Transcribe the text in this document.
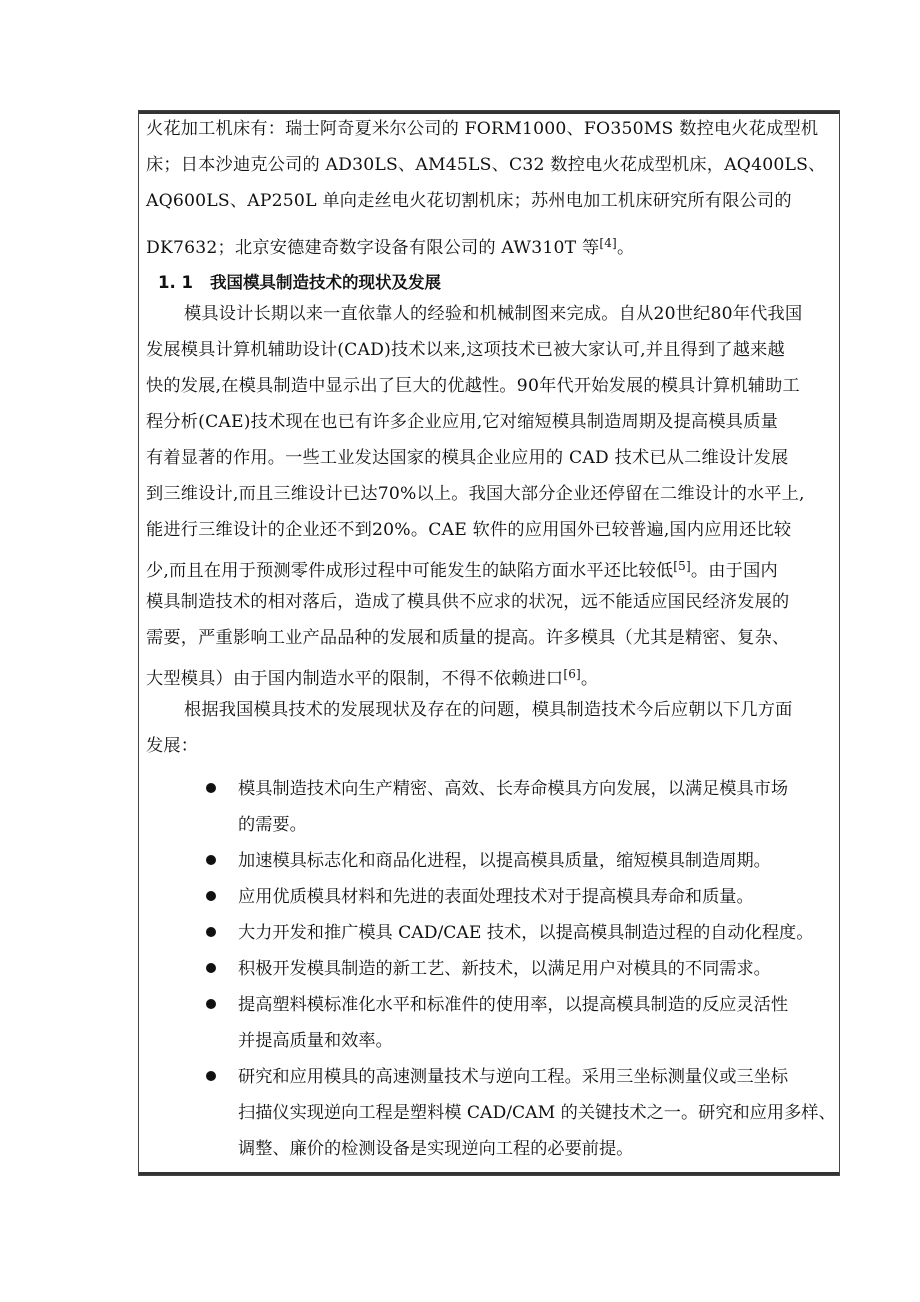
火花加工机床有：瑞士阿奇夏米尔公司的 FORM1000、FO350MS 数控电火花成型机
床；日本沙迪克公司的 AD30LS、AM45LS、C32 数控电火花成型机床，AQ400LS、
AQ600LS、AP250L 单向走丝电火花切割机床；苏州电加工机床研究所有限公司的
DK7632；北京安德建奇数字设备有限公司的 AW310T 等[4]。
1. 1 我国模具制造技术的现状及发展
模具设计长期以来一直依靠人的经验和机械制图来完成。自从20世纪80年代我国
发展模具计算机辅助设计(CAD)技术以来,这项技术已被大家认可,并且得到了越来越
快的发展,在模具制造中显示出了巨大的优越性。90年代开始发展的模具计算机辅助工
程分析(CAE)技术现在也已有许多企业应用,它对缩短模具制造周期及提高模具质量
有着显著的作用。一些工业发达国家的模具企业应用的 CAD 技术已从二维设计发展
到三维设计,而且三维设计已达70%以上。我国大部分企业还停留在二维设计的水平上,
能进行三维设计的企业还不到20%。CAE 软件的应用国外已较普遍,国内应用还比较
少,而且在用于预测零件成形过程中可能发生的缺陷方面水平还比较低[5]。由于国内
模具制造技术的相对落后，造成了模具供不应求的状况，远不能适应国民经济发展的
需要，严重影响工业产品品种的发展和质量的提高。许多模具（尤其是精密、复杂、
大型模具）由于国内制造水平的限制，不得不依赖进口[6]。
根据我国模具技术的发展现状及存在的问题，模具制造技术今后应朝以下几方面
发展：
模具制造技术向生产精密、高效、长寿命模具方向发展，以满足模具市场
的需要。
加速模具标志化和商品化进程，以提高模具质量，缩短模具制造周期。
应用优质模具材料和先进的表面处理技术对于提高模具寿命和质量。
大力开发和推广模具 CAD/CAE 技术，以提高模具制造过程的自动化程度。
积极开发模具制造的新工艺、新技术，以满足用户对模具的不同需求。
提高塑料模标准化水平和标准件的使用率，以提高模具制造的反应灵活性
并提高质量和效率。
研究和应用模具的高速测量技术与逆向工程。采用三坐标测量仪或三坐标
扫描仪实现逆向工程是塑料模 CAD/CAM 的关键技术之一。研究和应用多样、
调整、廉价的检测设备是实现逆向工程的必要前提。
